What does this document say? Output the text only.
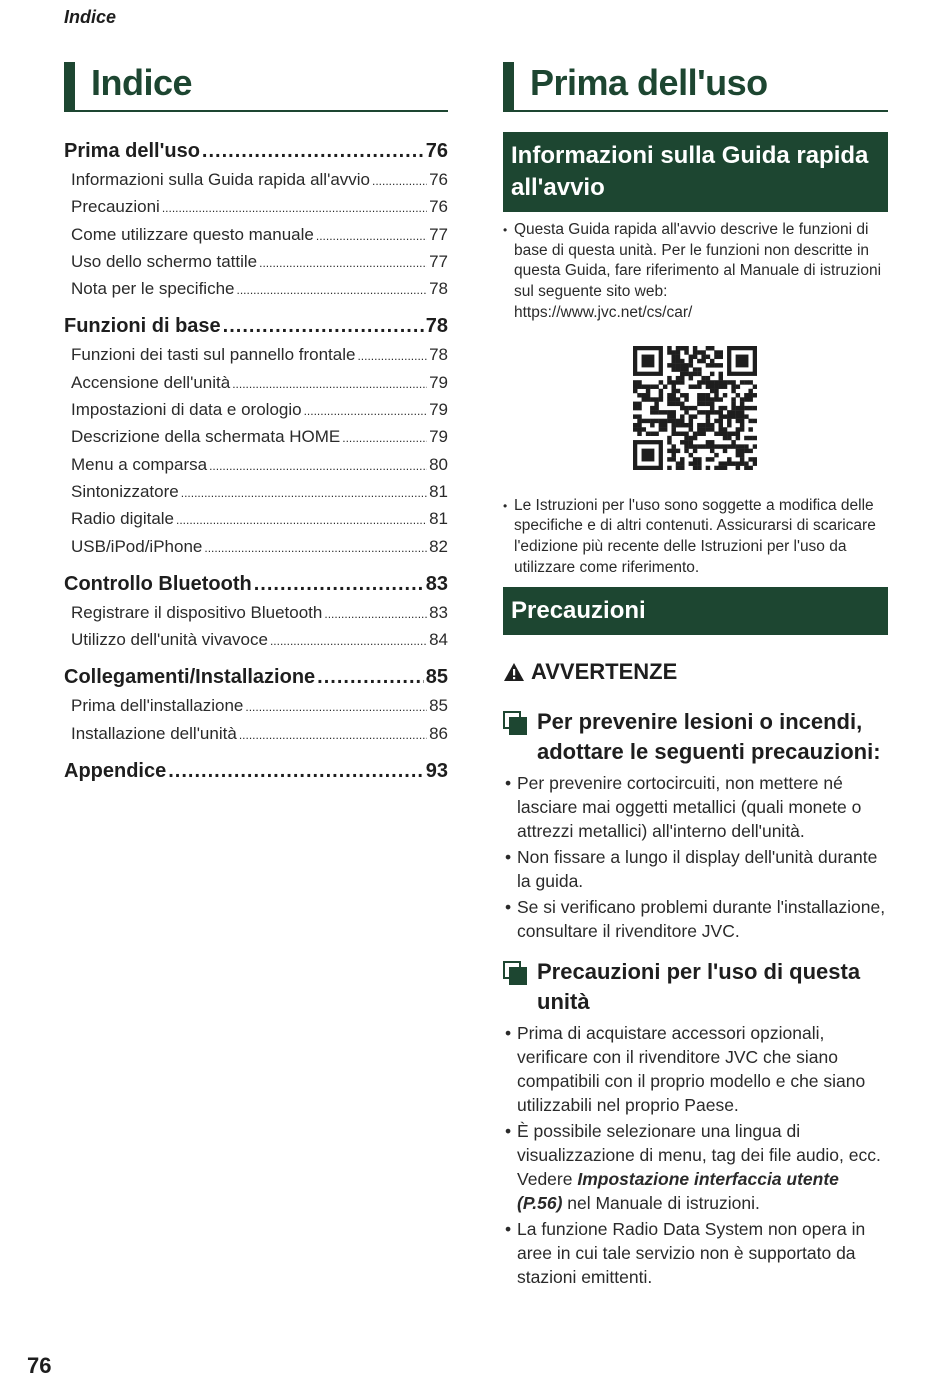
Indice
Indice
Prima dell'uso .....	76
Informazioni sulla Guida rapida all'avvio .....	76
Precauzioni .....	76
Come utilizzare questo manuale .....	77
Uso dello schermo tattile .....	77
Nota per le specifiche .....	78
Funzioni di base .....	78
Funzioni dei tasti sul pannello frontale .....	78
Accensione dell'unità .....	79
Impostazioni di data e orologio .....	79
Descrizione della schermata HOME .....	79
Menu a comparsa .....	80
Sintonizzatore .....	81
Radio digitale .....	81
USB/iPod/iPhone .....	82
Controllo Bluetooth .....	83
Registrare il dispositivo Bluetooth .....	83
Utilizzo dell'unità vivavoce .....	84
Collegamenti/Installazione .....	85
Prima dell'installazione .....	85
Installazione dell'unità .....	86
Appendice .....	93
Prima dell'uso
Informazioni sulla Guida rapida all'avvio
• Questa Guida rapida all'avvio descrive le funzioni di base di questa unità. Per le funzioni non descritte in questa Guida, fare riferimento al Manuale di istruzioni sul seguente sito web:
https://www.jvc.net/cs/car/
• Le Istruzioni per l'uso sono soggette a modifica delle specifiche e di altri contenuti. Assicurarsi di scaricare l'edizione più recente delle Istruzioni per l'uso da utilizzare come riferimento.
Precauzioni
AVVERTENZE
Per prevenire lesioni o incendi, adottare le seguenti precauzioni:
• Per prevenire cortocircuiti, non mettere né lasciare mai oggetti metallici (quali monete o attrezzi metallici) all'interno dell'unità.
• Non fissare a lungo il display dell'unità durante la guida.
• Se si verificano problemi durante l'installazione, consultare il rivenditore JVC.
Precauzioni per l'uso di questa unità
• Prima di acquistare accessori opzionali, verificare con il rivenditore JVC che siano compatibili con il proprio modello e che siano utilizzabili nel proprio Paese.
• È possibile selezionare una lingua di visualizzazione di menu, tag dei file audio, ecc. Vedere Impostazione interfaccia utente (P.56) nel Manuale di istruzioni.
• La funzione Radio Data System non opera in aree in cui tale servizio non è supportato da stazioni emittenti.
76
